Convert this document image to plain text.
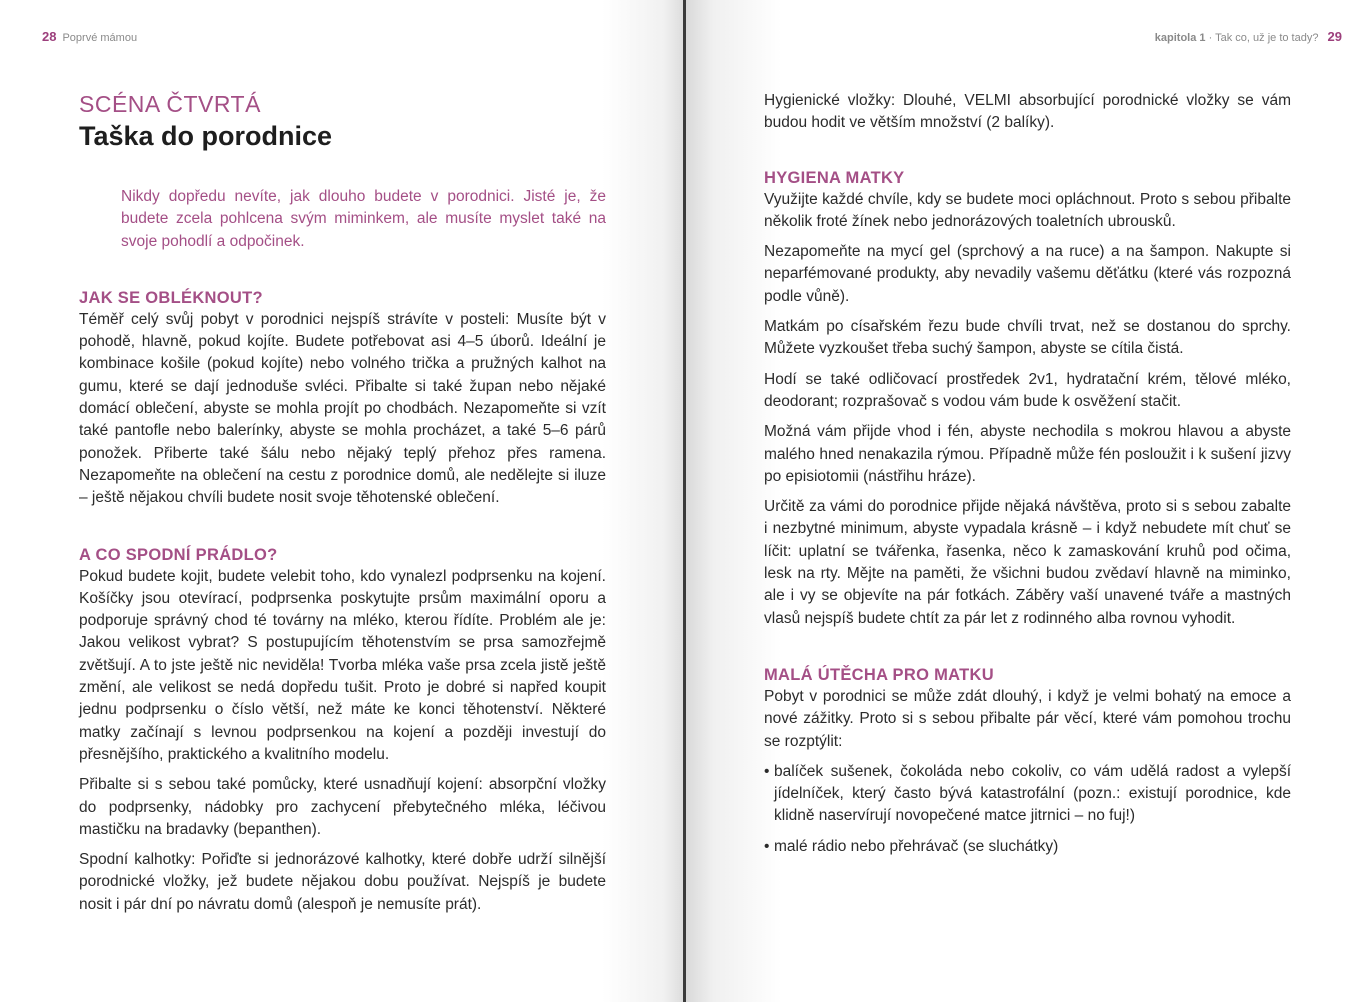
28 Poprvé mámou
SCÉNA ČTVRTÁ
Taška do porodnice

Nikdy dopředu nevíte, jak dlouho budete v porodnici. Jisté je, že budete zcela pohlcena svým miminkem, ale musíte myslet také na svoje pohodlí a odpočinek.

JAK SE OBLÉKNOUT?

Téměř celý svůj pobyt v porodnici nejspíš strávíte v posteli: Musíte být v pohodě, hlavně, pokud kojíte. Budete potřebovat asi 4–5 úborů. Ideální je kombinace košile (pokud kojíte) nebo volného trička a pružných kalhot na gumu, které se dají jednoduše svléci. Přibalte si také župan nebo nějaké domácí oblečení, abyste se mohla projít po chodbách. Nezapomeňte si vzít také pantofle nebo balerínky, abyste se mohla procházet, a také 5–6 párů ponožek. Přiberte také šálu nebo nějaký teplý přehoz přes ramena. Nezapomeňte na oblečení na cestu z porodnice domů, ale nedělejte si iluze – ještě nějakou chvíli budete nosit svoje těhotenské oblečení.

A CO SPODNÍ PRÁDLO?

Pokud budete kojit, budete velebit toho, kdo vynalezl podprsenku na kojení. Košíčky jsou otevírací, podprsenka poskytujte prsům maximální oporu a podporuje správný chod té továrny na mléko, kterou řídíte. Problém ale je: Jakou velikost vybrat? S postupujícím těhotenstvím se prsa samozřejmě zvětšují. A to jste ještě nic neviděla! Tvorba mléka vaše prsa zcela jistě ještě změní, ale velikost se nedá dopředu tušit. Proto je dobré si napřed koupit jednu podprsenku o číslo větší, než máte ke konci těhotenství. Některé matky začínají s levnou podprsenkou na kojení a později investují do přesnějšího, praktického a kvalitního modelu.

Přibalte si s sebou také pomůcky, které usnadňují kojení: absorpční vložky do podprsenky, nádobky pro zachycení přebytečného mléka, léčivou mastičku na bradavky (bepanthen).

Spodní kalhotky: Pořiďte si jednorázové kalhotky, které dobře udrží silnější porodnické vložky, jež budete nějakou dobu používat. Nejspíš je budete nosit i pár dní po návratu domů (alespoň je nemusíte prát).

kapitola 1 · Tak co, už je to tady? 29

Hygienické vložky: Dlouhé, VELMI absorbující porodnické vložky se vám budou hodit ve větším množství (2 balíky).

HYGIENA MATKY

Využijte každé chvíle, kdy se budete moci opláchnout. Proto s sebou přibalte několik froté žínek nebo jednorázových toaletních ubrousků.

Nezapomeňte na mycí gel (sprchový a na ruce) a na šampon. Nakupte si neparfémované produkty, aby nevadily vašemu děťátku (které vás rozpozná podle vůně).

Matkám po císařském řezu bude chvíli trvat, než se dostanou do sprchy. Můžete vyzkoušet třeba suchý šampon, abyste se cítila čistá.

Hodí se také odličovací prostředek 2v1, hydratační krém, tělové mléko, deodorant; rozprašovač s vodou vám bude k osvěžení stačit.

Možná vám přijde vhod i fén, abyste nechodila s mokrou hlavou a abyste malého hned nenakazila rýmou. Případně může fén posloužit i k sušení jizvy po episiotomii (nástřihu hráze).

Určitě za vámi do porodnice přijde nějaká návštěva, proto si s sebou zabalte i nezbytné minimum, abyste vypadala krásně – i když nebudete mít chuť se líčit: uplatní se tvářenka, řasenka, něco k zamaskování kruhů pod očima, lesk na rty. Mějte na paměti, že všichni budou zvědaví hlavně na miminko, ale i vy se objevíte na pár fotkách. Záběry vaší unavené tváře a mastných vlasů nejspíš budete chtít za pár let z rodinného alba rovnou vyhodit.

MALÁ ÚTĚCHA PRO MATKU

Pobyt v porodnici se může zdát dlouhý, i když je velmi bohatý na emoce a nové zážitky. Proto si s sebou přibalte pár věcí, které vám pomohou trochu se rozptýlit:

• balíček sušenek, čokoláda nebo cokoliv, co vám udělá radost a vylepší jídelníček, který často bývá katastrofální (pozn.: existují porodnice, kde klidně naservírují novopečené matce jitrnici – no fuj!)
• malé rádio nebo přehrávač (se sluchátky)
